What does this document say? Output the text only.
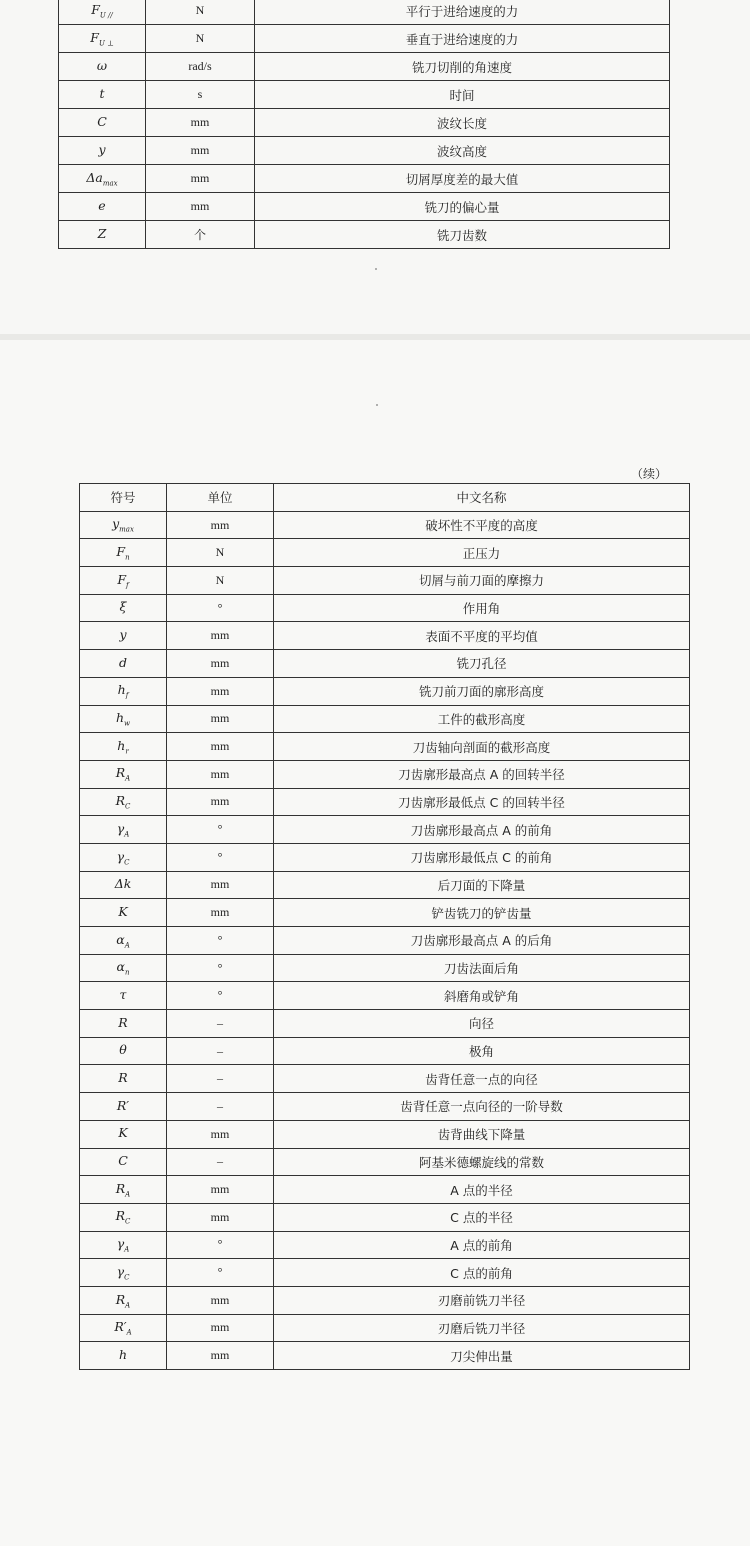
$F_{U //}$	N	平行于进给速度的力
$F_{U \perp}$	N	垂直于进给速度的力
ω	rad/s	铣刀切削的角速度
t	s	时间
C	mm	波纹长度
y	mm	波纹高度
$\Delta a_{max}$	mm	切屑厚度差的最大值
e	mm	铣刀的偏心量
Z	个	铣刀齿数
（续）
符号	单位	中文名称
$y_{max}$	mm	破坏性不平度的高度
$F_n$	N	正压力
$F_f$	N	切屑与前刀面的摩擦力
ξ	°	作用角
y	mm	表面不平度的平均值
d	mm	铣刀孔径
$h_f$	mm	铣刀前刀面的廓形高度
$h_w$	mm	工件的截形高度
$h_r$	mm	刀齿轴向剖面的截形高度
$R_A$	mm	刀齿廓形最高点 A 的回转半径
$R_C$	mm	刀齿廓形最低点 C 的回转半径
$\gamma_A$	°	刀齿廓形最高点 A 的前角
$\gamma_C$	°	刀齿廓形最低点 C 的前角
Δk	mm	后刀面的下降量
K	mm	铲齿铣刀的铲齿量
$\alpha_A$	°	刀齿廓形最高点 A 的后角
$\alpha_n$	°	刀齿法面后角
τ	°	斜磨角或铲角
R	–	向径
θ	–	极角
R	–	齿背任意一点的向径
R′	–	齿背任意一点向径的一阶导数
K	mm	齿背曲线下降量
C	–	阿基米德螺旋线的常数
$R_A$	mm	A 点的半径
$R_C$	mm	C 点的半径
$\gamma_A$	°	A 点的前角
$\gamma_C$	°	C 点的前角
$R_A$	mm	刃磨前铣刀半径
$R'_A$	mm	刃磨后铣刀半径
h	mm	刀尖伸出量
